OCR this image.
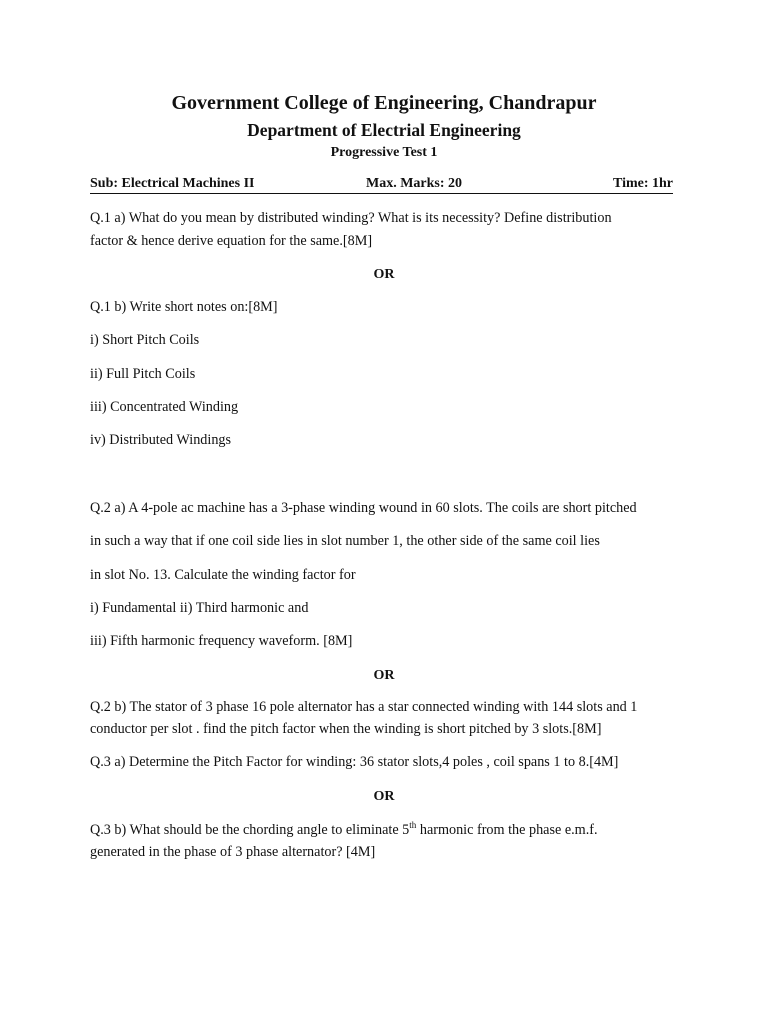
Government College of Engineering, Chandrapur
Department of Electrial Engineering
Progressive Test 1
Sub: Electrical Machines II	Max. Marks: 20	Time: 1hr
Q.1 a) What do you mean by distributed winding? What is its necessity? Define distribution
factor & hence derive equation for the same.[8M]
OR
Q.1 b) Write short notes on:[8M]
i) Short Pitch Coils
ii) Full Pitch Coils
iii) Concentrated Winding
iv) Distributed Windings
Q.2 a) A 4-pole ac machine has a 3-phase winding wound in 60 slots. The coils are short pitched
in such a way that if one coil side lies in slot number 1, the other side of the same coil lies
in slot No. 13. Calculate the winding factor for
i) Fundamental ii) Third harmonic and
iii) Fifth harmonic frequency waveform. [8M]
OR
Q.2 b) The stator of 3 phase 16 pole alternator has a star connected winding with 144 slots and 1
conductor per slot . find the pitch factor when the winding is short pitched by 3 slots.[8M]
Q.3 a) Determine the Pitch Factor for winding: 36 stator slots,4 poles , coil spans 1 to 8.[4M]
OR
Q.3 b) What should be the chording angle to eliminate 5th harmonic from the phase e.m.f.
generated in the phase of 3 phase alternator? [4M]
